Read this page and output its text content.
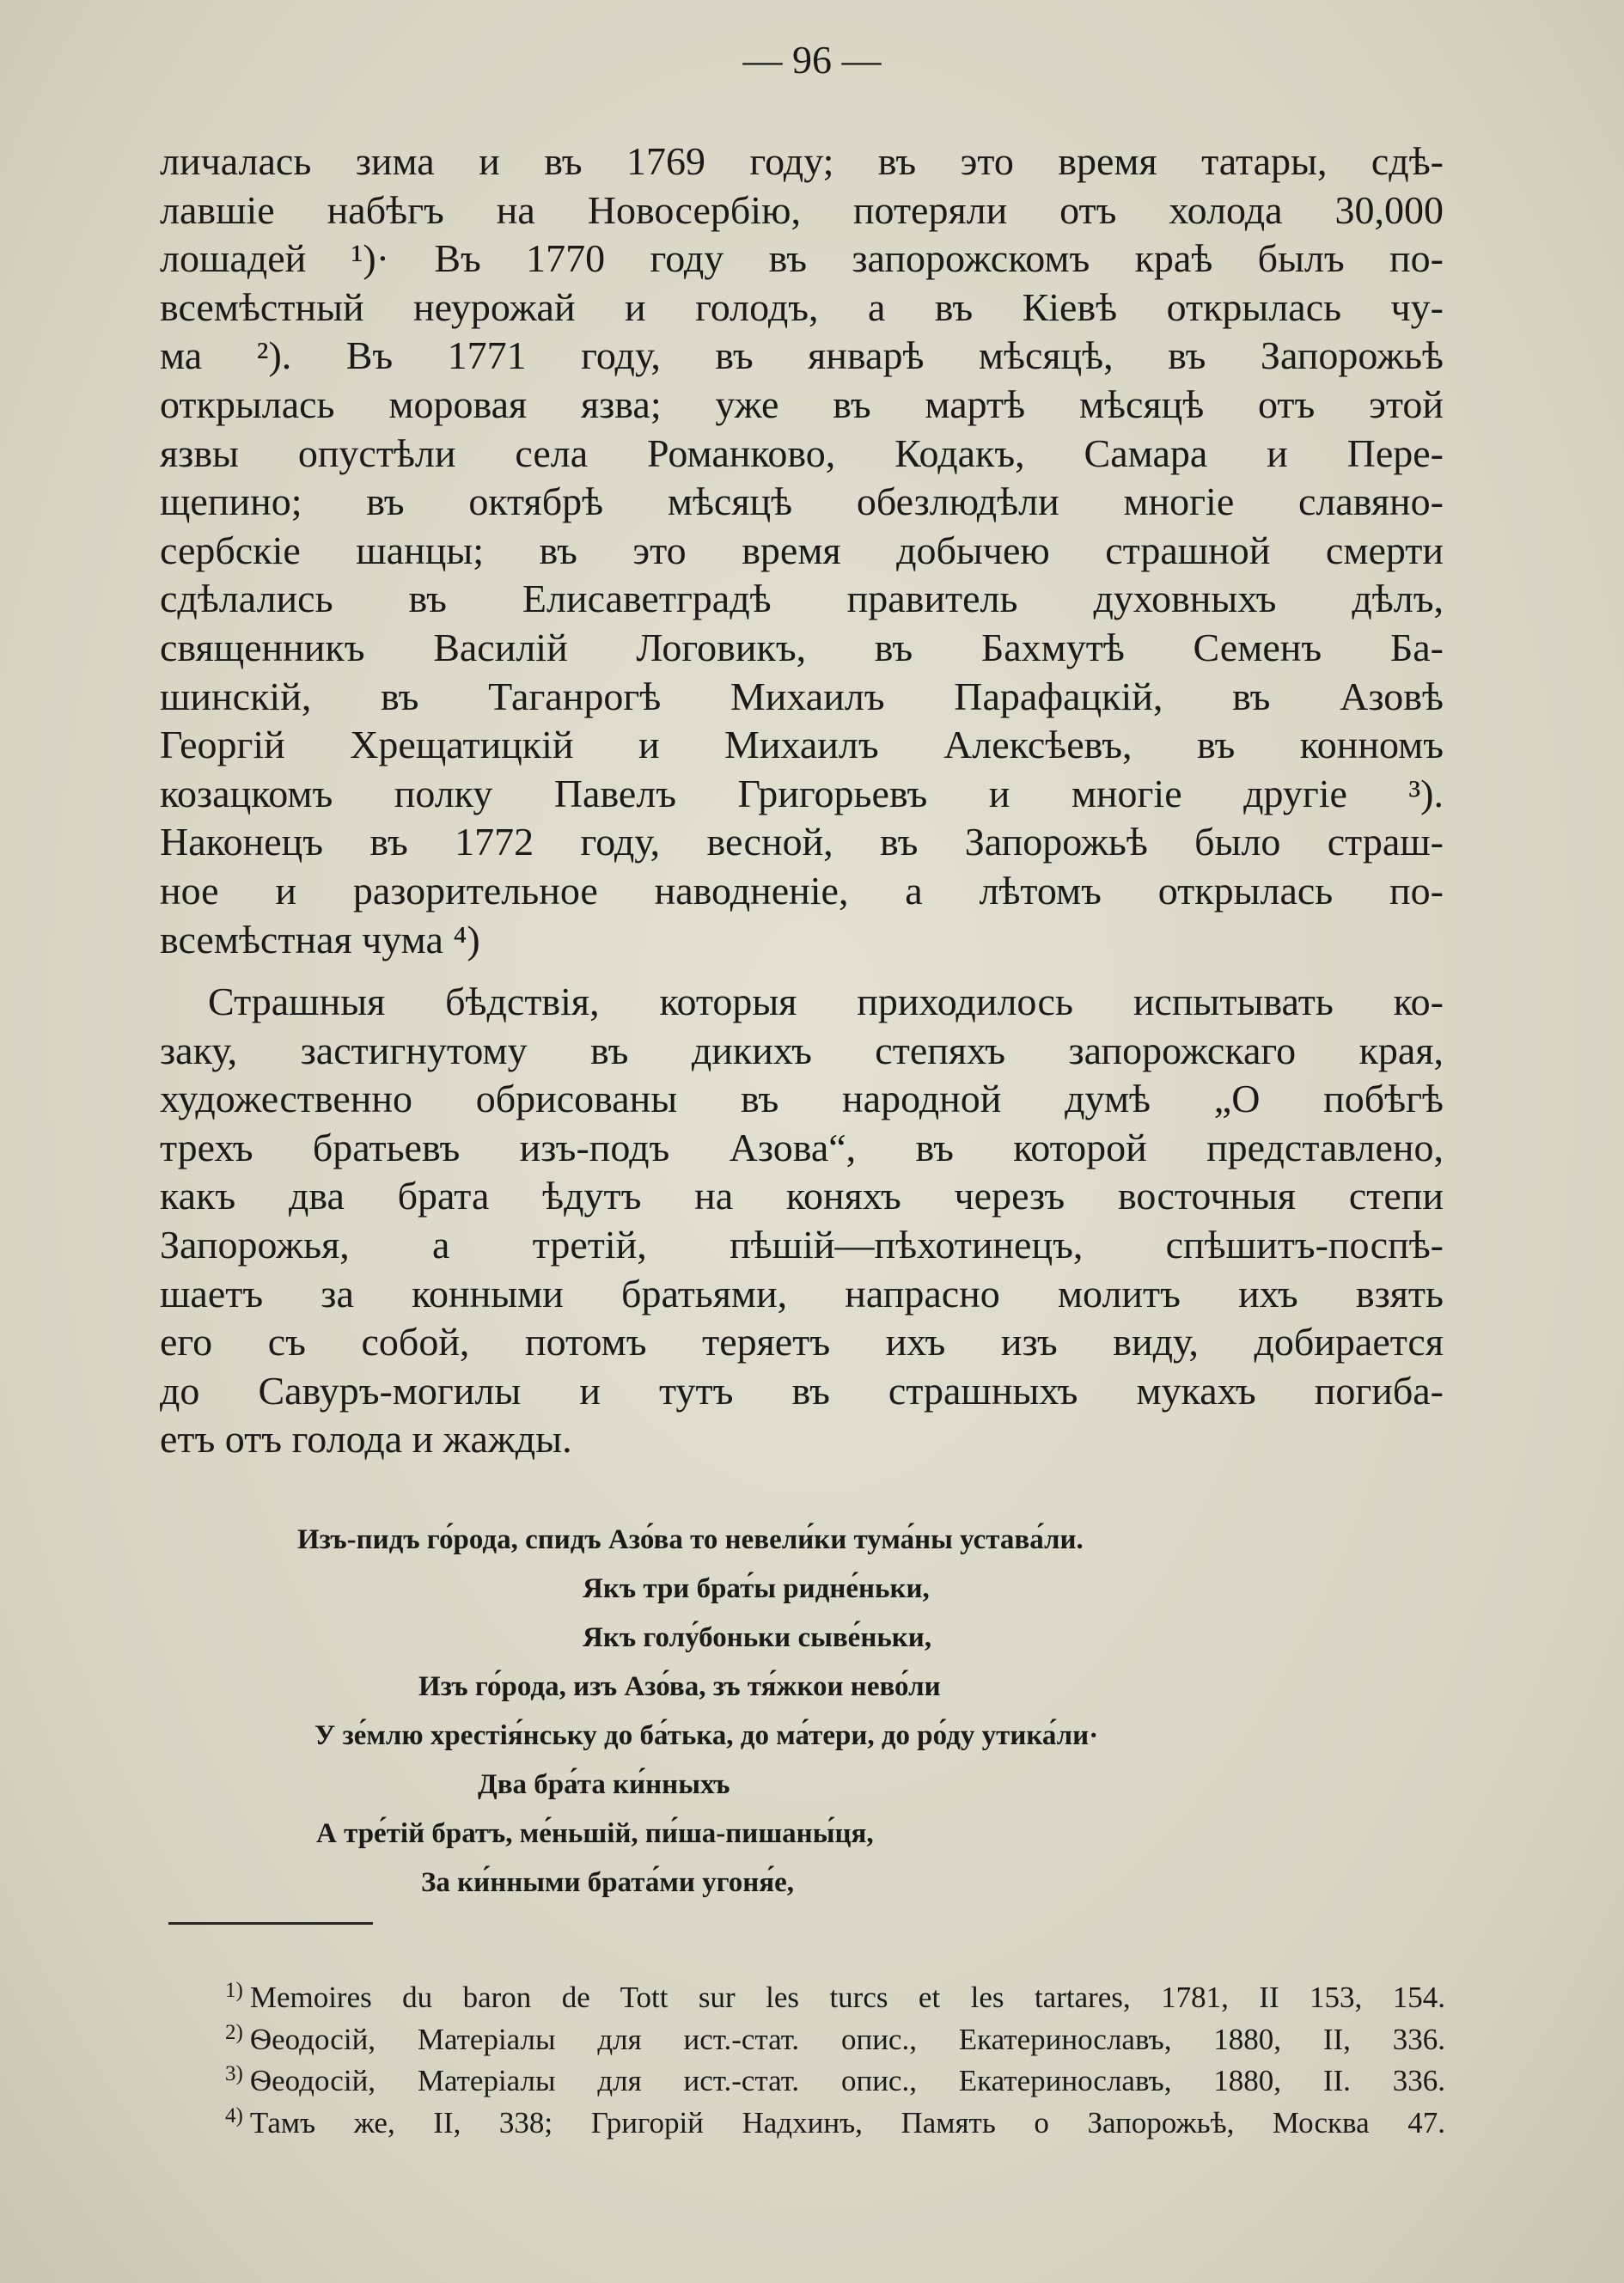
— 96 —
личалась зима и въ 1769 году; въ это время татары, сдѣ-
лавшіе набѣгъ на Новосербію, потеряли отъ холода 30,000
лошадей ¹)· Въ 1770 году въ запорожскомъ краѣ былъ по-
всемѣстный неурожай и голодъ, а въ Кіевѣ открылась чу-
ма ²). Въ 1771 году, въ январѣ мѣсяцѣ, въ Запорожьѣ
открылась моровая язва; уже въ мартѣ мѣсяцѣ отъ этой
язвы опустѣли села Романково, Кодакъ, Самара и Пере-
щепино; въ октябрѣ мѣсяцѣ обезлюдѣли многіе славяно-
сербскіе шанцы; въ это время добычею страшной смерти
сдѣлались въ Елисаветградѣ правитель духовныхъ дѣлъ,
священникъ Василій Логовикъ, въ Бахмутѣ Семенъ Ба-
шинскій, въ Таганрогѣ Михаилъ Парафацкій, въ Азовѣ
Георгій Хрещатицкій и Михаилъ Алексѣевъ, въ конномъ
козацкомъ полку Павелъ Григорьевъ и многіе другіе ³).
Наконецъ въ 1772 году, весной, въ Запорожьѣ было страш-
ное и разорительное наводненіе, а лѣтомъ открылась по-
всемѣстная чума ⁴)
Страшныя бѣдствія, которыя приходилось испытывать ко-
заку, застигнутому въ дикихъ степяхъ запорожскаго края,
художественно обрисованы въ народной думѣ „О побѣгѣ
трехъ братьевъ изъ-подъ Азова“, въ которой представлено,
какъ два брата ѣдутъ на коняхъ черезъ восточныя степи
Запорожья, а третій, пѣшій—пѣхотинецъ, спѣшитъ-поспѣ-
шаетъ за конными братьями, напрасно молитъ ихъ взять
его съ собой, потомъ теряетъ ихъ изъ виду, добирается
до Савуръ-могилы и тутъ въ страшныхъ мукахъ погиба-
етъ отъ голода и жажды.
Изъ-пидъ го́рода, спидъ Азо́ва то невели́ки тума́ны устава́ли.
Якъ три брат́ы ридне́ньки,
Якъ голу́боньки сыве́ньки,
Изъ го́рода, изъ Азо́ва, зъ тя́жкои нево́ли
У зе́млю хрестія́нську до ба́тька, до ма́тери, до ро́ду утика́ли·
Два бра́та ки́нныхъ
А тре́тій братъ, ме́ньшій, пи́ша-пишаны́ця,
За ки́нными брата́ми угоня́е,
$^{1)}$ Memoires du baron de Tott sur les turcs et les tartares, 1781, II 153, 154.
$^{2)}$ Ѳеодосій, Матеріалы для ист.-стат. опис., Екатеринославъ, 1880, II, 336.
$^{3)}$ Ѳеодосій, Матеріалы для ист.-стат. опис., Екатеринославъ, 1880, II. 336.
$^{4)}$ Тамъ же, II, 338; Григорій Надхинъ, Память о Запорожьѣ, Москва 47.
